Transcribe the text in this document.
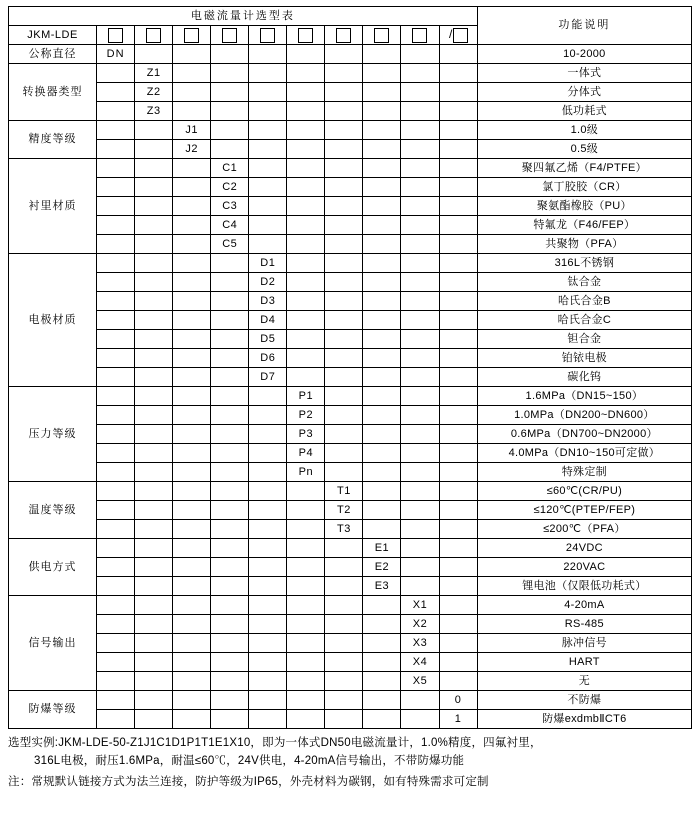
电磁流量计选型表											功能说明
JKM-LDE										/	
公称直径	DN										10-2000
转换器类型		Z1									一体式
		Z2									分体式
		Z3									低功耗式
精度等级			J1								1.0级
			J2								0.5级
衬里材质				C1							聚四氟乙烯（F4/PTFE）
				C2							氯丁胶胶（CR）
				C3							聚氨酯橡胶（PU）
				C4							特氟龙（F46/FEP）
				C5							共聚物（PFA）
电极材质					D1						316L不锈钢
					D2						钛合金
					D3						哈氏合金B
					D4						哈氏合金C
					D5						钽合金
					D6						铂铱电极
					D7						碳化钨
压力等级						P1					1.6MPa（DN15~150）
						P2					1.0MPa（DN200~DN600）
						P3					0.6MPa（DN700~DN2000）
						P4					4.0MPa（DN10~150可定做）
						Pn					特殊定制
温度等级							T1				≤60℃(CR/PU)
							T2				≤120℃(PTEP/FEP)
							T3				≤200℃（PFA）
供电方式								E1			24VDC
								E2			220VAC
								E3			锂电池（仅限低功耗式）
信号输出									X1		4-20mA
									X2		RS-485
									X3		脉冲信号
									X4		HART
									X5		无
防爆等级										0	不防爆
										1	防爆exdmbⅡCT6
选型实例:JKM-LDE-50-Z1J1C1D1P1T1E1X10，即为一体式DN50电磁流量计，1.0%精度，四氟衬里，
316L电极，耐压1.6MPa，耐温≤60℃，24V供电，4-20mA信号输出，不带防爆功能
注：常规默认链接方式为法兰连接，防护等级为IP65，外壳材料为碳钢，如有特殊需求可定制
